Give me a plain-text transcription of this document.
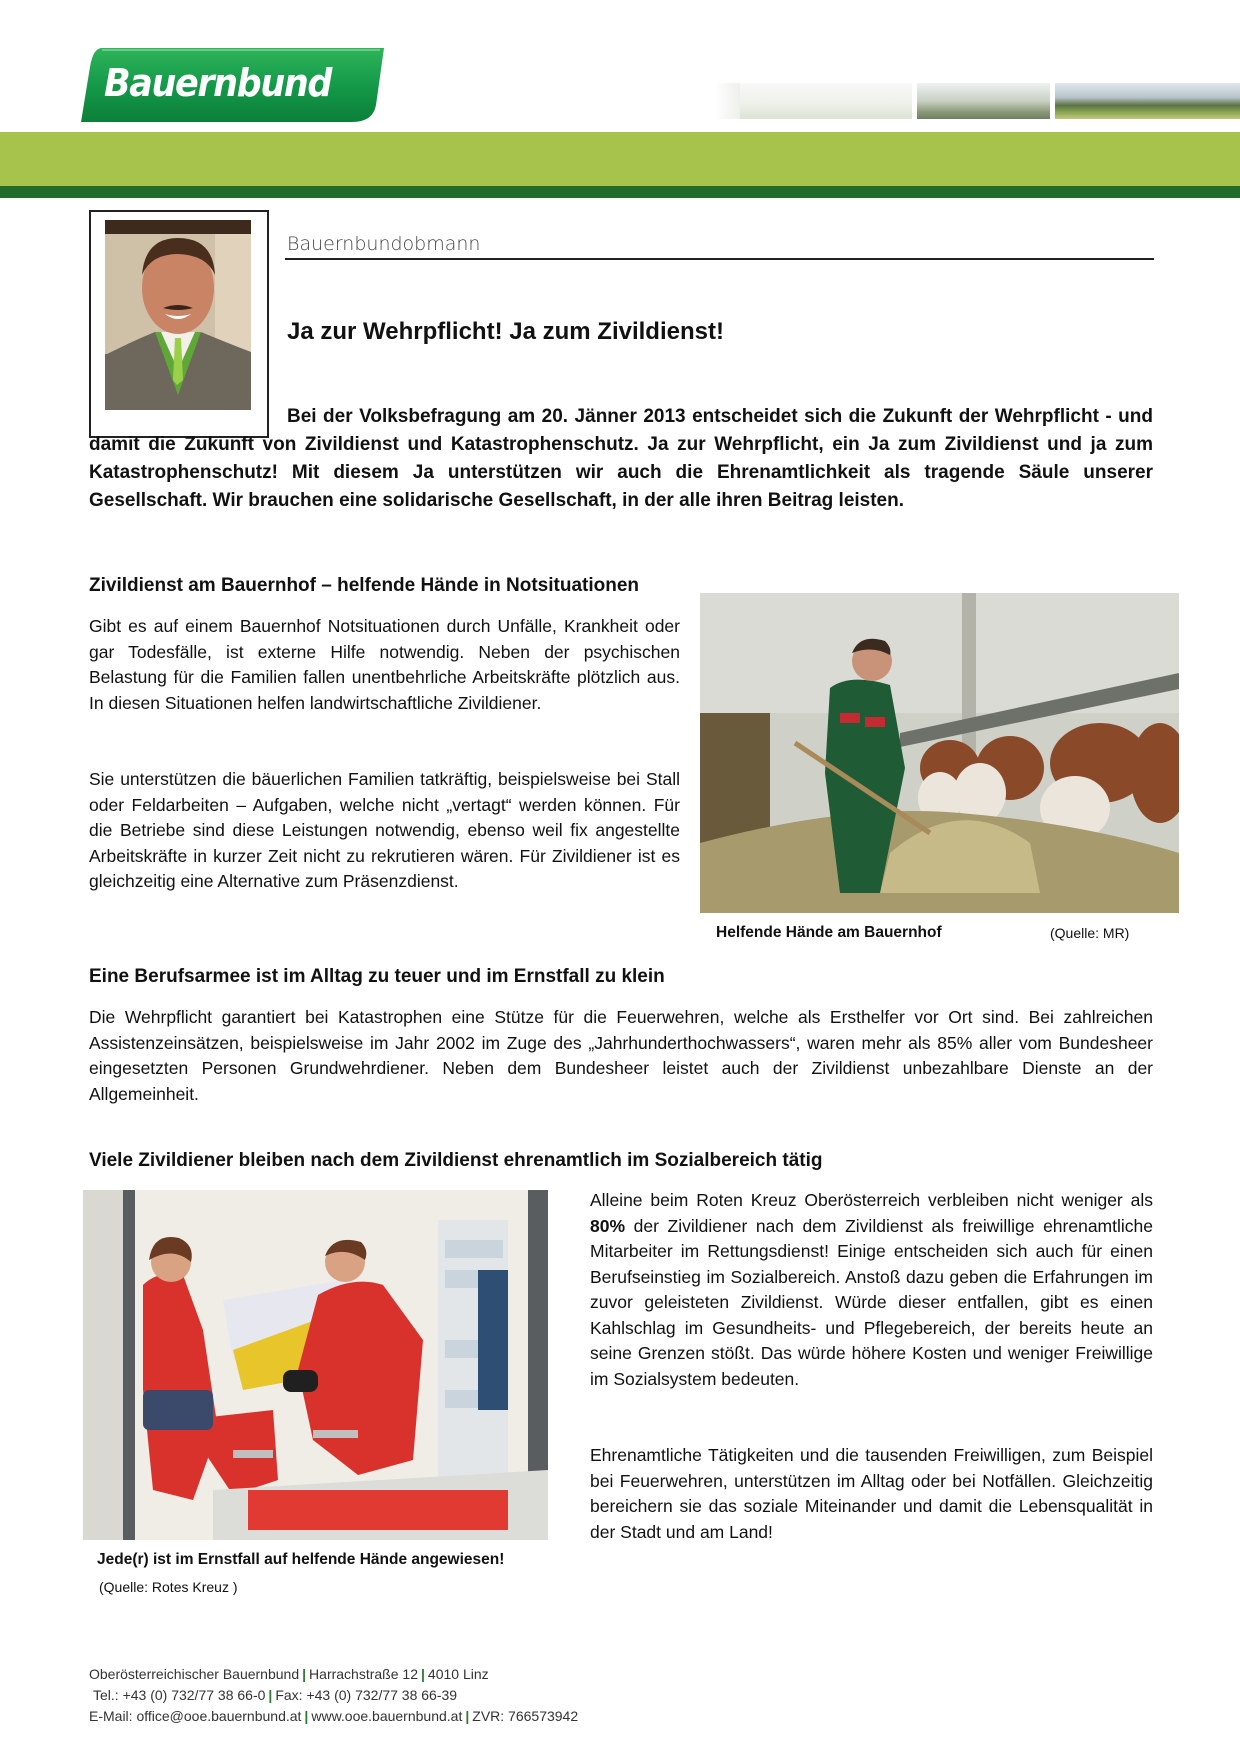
Bauernbund
Bauernbundobmann
Ja zur Wehrpflicht! Ja zum Zivildienst!
Bei der Volksbefragung am 20. Jänner 2013 entscheidet sich die Zukunft der Wehrpflicht - und damit die Zukunft von Zivildienst und Katastrophenschutz. Ja zur Wehrpflicht, ein Ja zum Zivildienst und ja zum Katastrophenschutz! Mit diesem Ja unterstützen wir auch die Ehrenamtlichkeit als tragende Säule unserer Gesellschaft. Wir brauchen eine solidarische Gesellschaft, in der alle ihren Beitrag leisten.
Zivildienst am Bauernhof – helfende Hände in Notsituationen
Gibt es auf einem Bauernhof Notsituationen durch Unfälle, Krankheit oder gar Todesfälle, ist externe Hilfe notwendig. Neben der psychischen Belastung für die Familien fallen unentbehrliche Arbeitskräfte plötzlich aus. In diesen Situationen helfen landwirtschaftliche Zivildiener.
Sie unterstützen die bäuerlichen Familien tatkräftig, beispielsweise bei Stall oder Feldarbeiten – Aufgaben, welche nicht „vertagt“ werden können. Für die Betriebe sind diese Leistungen notwendig, ebenso weil fix angestellte Arbeitskräfte in kurzer Zeit nicht zu rekrutieren wären. Für Zivildiener ist es gleichzeitig eine Alternative zum Präsenzdienst.
Helfende Hände am Bauernhof	(Quelle: MR)
Eine Berufsarmee ist im Alltag zu teuer und im Ernstfall zu klein
Die Wehrpflicht garantiert bei Katastrophen eine Stütze für die Feuerwehren, welche als Ersthelfer vor Ort sind. Bei zahlreichen Assistenzeinsätzen, beispielsweise im Jahr 2002 im Zuge des „Jahrhunderthochwassers“, waren mehr als 85% aller vom Bundesheer eingesetzten Personen Grundwehrdiener. Neben dem Bundesheer leistet auch der Zivildienst unbezahlbare Dienste an der Allgemeinheit.
Viele Zivildiener bleiben nach dem Zivildienst ehrenamtlich im Sozialbereich tätig
Jede(r) ist im Ernstfall auf helfende Hände angewiesen!
(Quelle: Rotes Kreuz )
Alleine beim Roten Kreuz Oberösterreich verbleiben nicht weniger als 80% der Zivildiener nach dem Zivildienst als freiwillige ehrenamtliche Mitarbeiter im Rettungsdienst! Einige entscheiden sich auch für einen Berufseinstieg im Sozialbereich. Anstoß dazu geben die Erfahrungen im zuvor geleisteten Zivildienst. Würde dieser entfallen, gibt es einen Kahlschlag im Gesundheits- und Pflegebereich, der bereits heute an seine Grenzen stößt. Das würde höhere Kosten und weniger Freiwillige im Sozialsystem bedeuten.
Ehrenamtliche Tätigkeiten und die tausenden Freiwilligen, zum Beispiel bei Feuerwehren, unterstützen im Alltag oder bei Notfällen. Gleichzeitig bereichern sie das soziale Miteinander und damit die Lebensqualität in der Stadt und am Land!
Oberösterreichischer Bauernbund | Harrachstraße 12 | 4010 Linz
Tel.: +43 (0) 732/77 38 66-0 | Fax: +43 (0) 732/77 38 66-39
E-Mail: office@ooe.bauernbund.at | www.ooe.bauernbund.at | ZVR: 766573942
